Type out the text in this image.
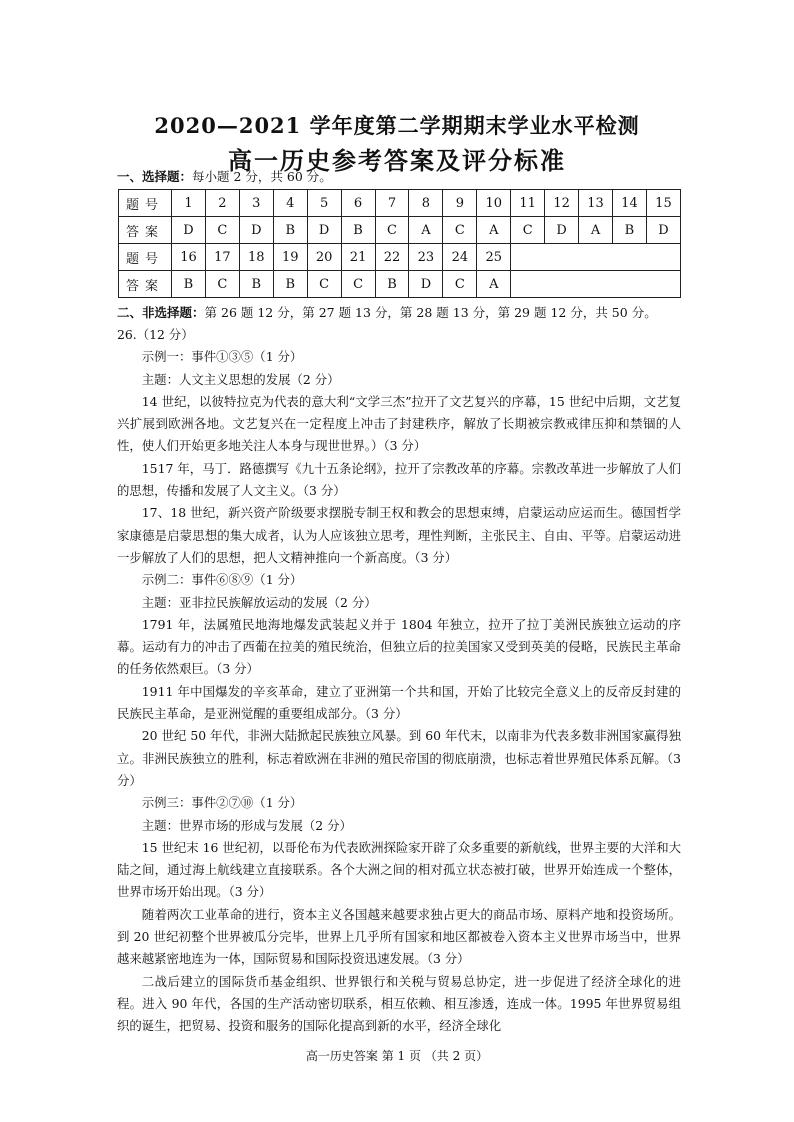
2020—2021 学年度第二学期期末学业水平检测
高一历史参考答案及评分标准
一、选择题：每小题 2 分，共 60 分。
题号	1	2	3	4	5	6	7	8	9	10	11	12	13	14	15
答案	D	C	D	B	D	B	C	A	C	A	C	D	A	B	D
题号	16	17	18	19	20	21	22	23	24	25					
答案	B	C	B	B	C	C	B	D	C	A					
二、非选择题：第 26 题 12 分，第 27 题 13 分，第 28 题 13 分，第 29 题 12 分，共 50 分。

26.（12 分）

示例一：事件①③⑤（1 分）

主题：人文主义思想的发展（2 分）

14 世纪，以彼特拉克为代表的意大利“文学三杰”拉开了文艺复兴的序幕，15 世纪中后期，文艺复兴扩展到欧洲各地。文艺复兴在一定程度上冲击了封建秩序，解放了长期被宗教戒律压抑和禁锢的人性，使人们开始更多地关注人本身与现世世界。）（3 分）

1517 年，马丁．路德撰写《九十五条论纲》，拉开了宗教改革的序幕。宗教改革进一步解放了人们的思想，传播和发展了人文主义。（3 分）

17、18 世纪，新兴资产阶级要求摆脱专制王权和教会的思想束缚，启蒙运动应运而生。德国哲学家康德是启蒙思想的集大成者，认为人应该独立思考，理性判断，主张民主、自由、平等。启蒙运动进一步解放了人们的思想，把人文精神推向一个新高度。（3 分）

示例二：事件⑥⑧⑨（1 分）

主题：亚非拉民族解放运动的发展（2 分）

1791 年，法属殖民地海地爆发武装起义并于 1804 年独立，拉开了拉丁美洲民族独立运动的序幕。运动有力的冲击了西葡在拉美的殖民统治，但独立后的拉美国家又受到英美的侵略，民族民主革命的任务依然艰巨。（3 分）

1911 年中国爆发的辛亥革命，建立了亚洲第一个共和国，开始了比较完全意义上的反帝反封建的民族民主革命，是亚洲觉醒的重要组成部分。（3 分）

20 世纪 50 年代，非洲大陆掀起民族独立风暴。到 60 年代末，以南非为代表多数非洲国家赢得独立。非洲民族独立的胜利，标志着欧洲在非洲的殖民帝国的彻底崩溃，也标志着世界殖民体系瓦解。（3 分）

示例三：事件②⑦⑩（1 分）

主题：世界市场的形成与发展（2 分）

15 世纪末 16 世纪初，以哥伦布为代表欧洲探险家开辟了众多重要的新航线，世界主要的大洋和大陆之间，通过海上航线建立直接联系。各个大洲之间的相对孤立状态被打破，世界开始连成一个整体，世界市场开始出现。（3 分）

随着两次工业革命的进行，资本主义各国越来越要求独占更大的商品市场、原料产地和投资场所。到 20 世纪初整个世界被瓜分完毕，世界上几乎所有国家和地区都被卷入资本主义世界市场当中，世界越来越紧密地连为一体，国际贸易和国际投资迅速发展。（3 分）

二战后建立的国际货币基金组织、世界银行和关税与贸易总协定，进一步促进了经济全球化的进程。进入 90 年代，各国的生产活动密切联系，相互依赖、相互渗透，连成一体。1995 年世界贸易组织的诞生，把贸易、投资和服务的国际化提高到新的水平，经济全球化

高一历史答案 第 1 页 （共 2 页）
